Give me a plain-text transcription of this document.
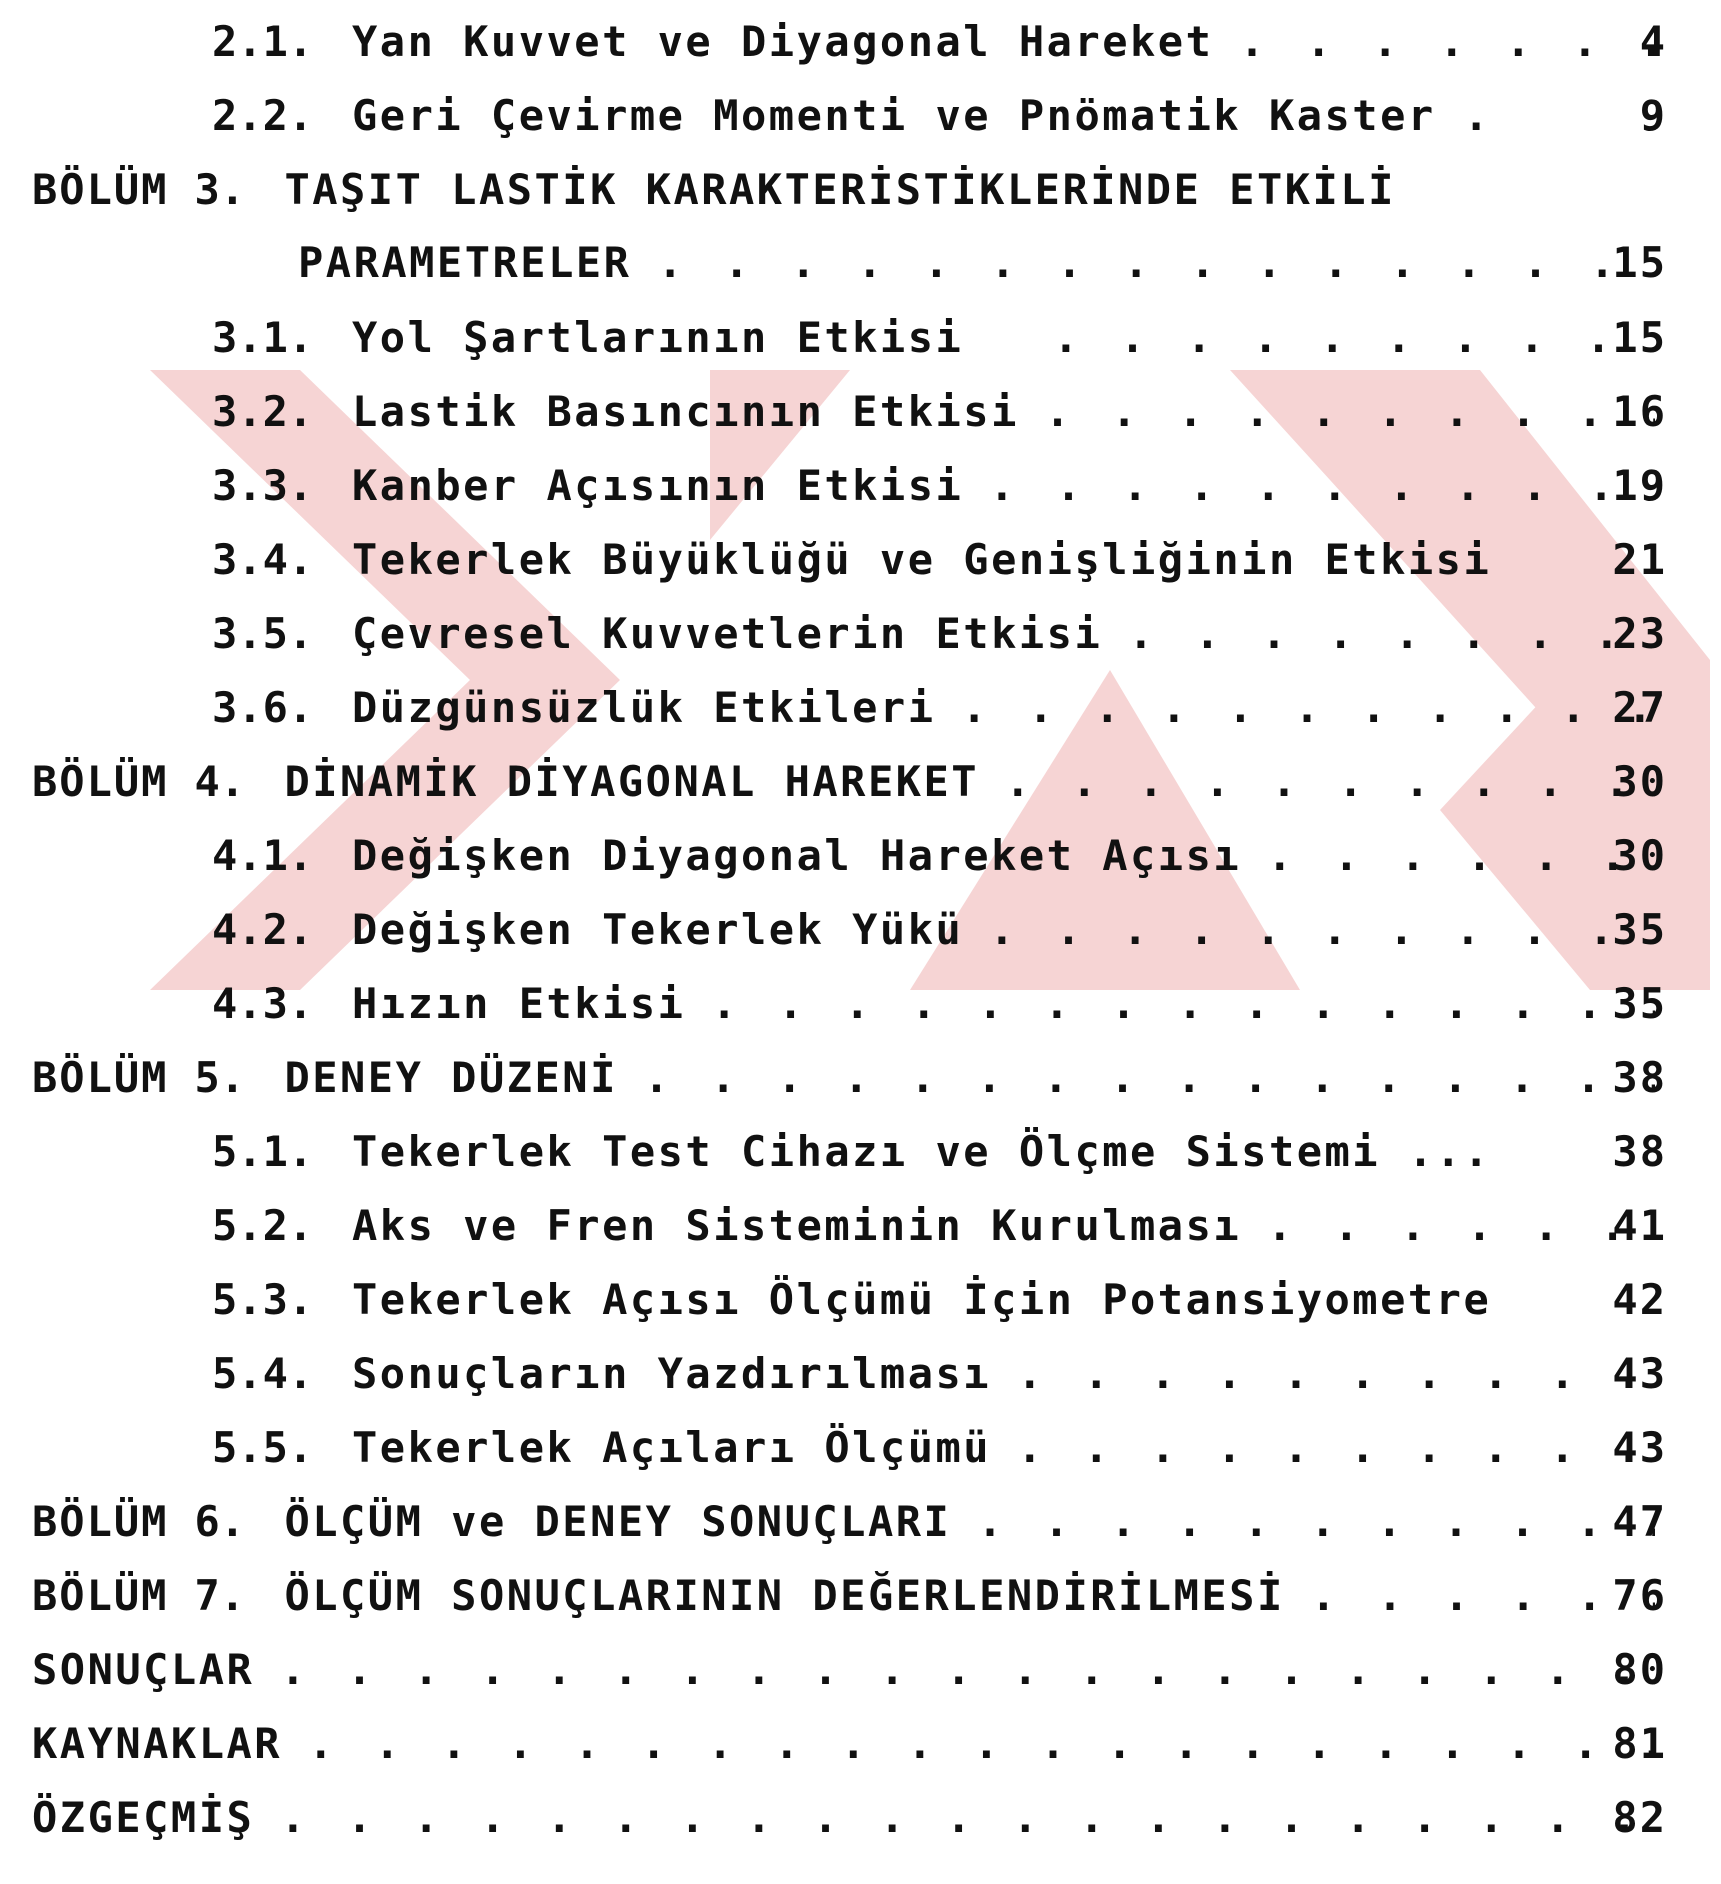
2.1. Yan Kuvvet ve Diyagonal Hareket . . .	4
2.2. Geri Çevirme Momenti ve Pnömatik Kaster .	9
BÖLÜM 3. TAŞIT LASTİK KARAKTERİSTİKLERİNDE ETKİLİ
PARAMETRELER . . .	15
3.1. Yol Şartlarının Etkisi . . .	15
3.2. Lastik Basıncının Etkisi . . .	16
3.3. Kanber Açısının Etkisi . . .	19
3.4. Tekerlek Büyüklüğü ve Genişliğinin Etkisi	21
3.5. Çevresel Kuvvetlerin Etkisi . . .	23
3.6. Düzgünsüzlük Etkileri . . .	27
BÖLÜM 4. DİNAMİK DİYAGONAL HAREKET . . .	30
4.1. Değişken Diyagonal Hareket Açısı . . .	30
4.2. Değişken Tekerlek Yükü . . .	35
4.3. Hızın Etkisi . . .	35
BÖLÜM 5. DENEY DÜZENİ . . .	38
5.1. Tekerlek Test Cihazı ve Ölçme Sistemi ...	38
5.2. Aks ve Fren Sisteminin Kurulması . . .	41
5.3. Tekerlek Açısı Ölçümü İçin Potansiyometre	42
5.4. Sonuçların Yazdırılması . . .	43
5.5. Tekerlek Açıları Ölçümü . . .	43
BÖLÜM 6. ÖLÇÜM ve DENEY SONUÇLARI . . .	47
BÖLÜM 7. ÖLÇÜM SONUÇLARININ DEĞERLENDİRİLMESİ . . .	76
SONUÇLAR . . .	80
KAYNAKLAR . . .	81
ÖZGEÇMİŞ . . .	82
